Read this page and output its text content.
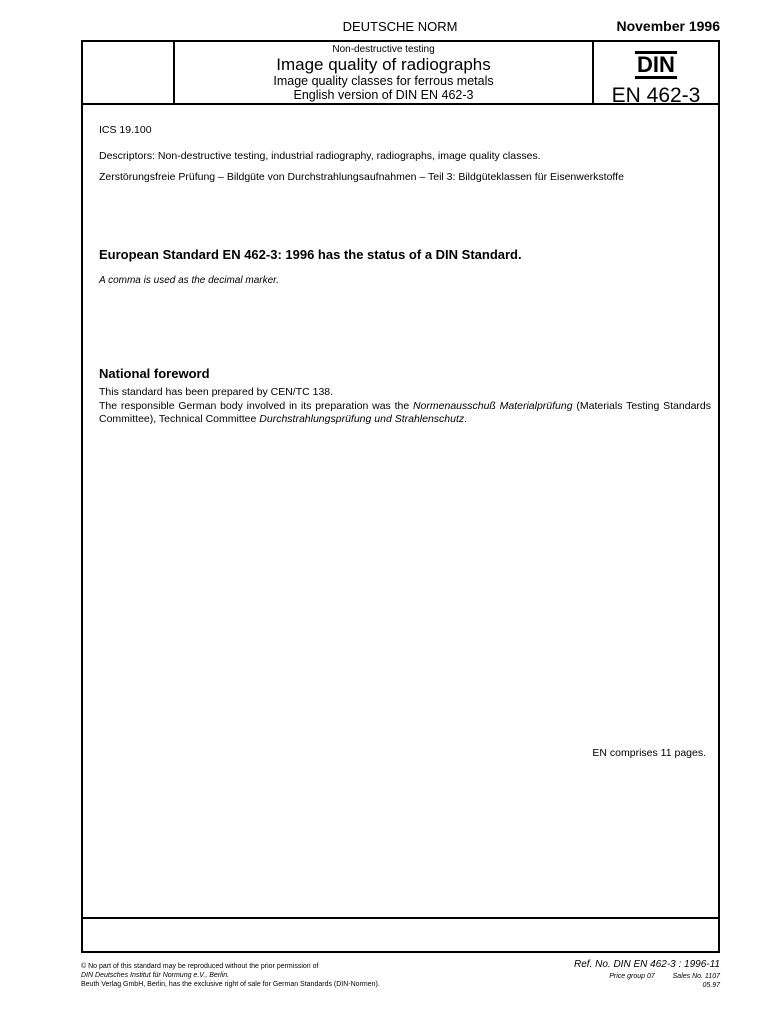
DEUTSCHE NORM	November 1996
Non-destructive testing
Image quality of radiographs
Image quality classes for ferrous metals
English version of DIN EN 462-3
DIN
EN 462-3
ICS 19.100
Descriptors: Non-destructive testing, industrial radiography, radiographs, image quality classes.
Zerstörungsfreie Prüfung – Bildgüte von Durchstrahlungsaufnahmen – Teil 3: Bildgüteklassen für Eisenwerkstoffe
European Standard EN 462-3: 1996 has the status of a DIN Standard.
A comma is used as the decimal marker.
National foreword
This standard has been prepared by CEN/TC 138.
The responsible German body involved in its preparation was the Normenausschuß Materialprüfung (Materials Testing Standards Committee), Technical Committee Durchstrahlungsprüfung und Strahlenschutz.
EN comprises 11 pages.
© No part of this standard may be reproduced without the prior permission of
DIN Deutsches Institut für Normung e.V., Berlin.
Beuth Verlag GmbH, Berlin, has the exclusive right of sale for German Standards (DIN-Normen).
Ref. No. DIN EN 462-3 : 1996-11
Price group 07	Sales No. 1107
05.97
